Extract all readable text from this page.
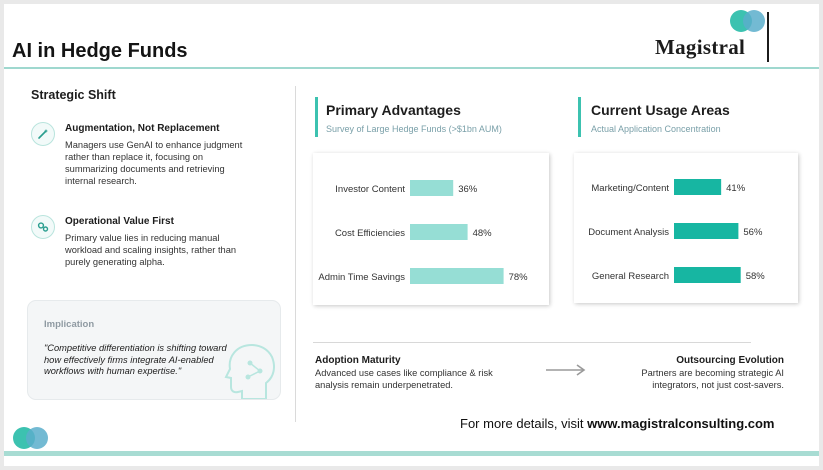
AI in Hedge Funds	Magistral
Strategic Shift
Augmentation, Not Replacement
Managers use GenAI to enhance judgment
rather than replace it, focusing on
summarizing documents and retrieving
internal research.
Operational Value First
Primary value lies in reducing manual
workload and scaling insights, rather than
purely generating alpha.
Implication
"Competitive differentiation is shifting toward
how effectively firms integrate AI-enabled
workflows with human expertise."
Primary Advantages
Survey of Large Hedge Funds (>$1bn AUM)
Investor Content	36%
Cost Efficiencies	48%
Admin Time Savings	78%
Current Usage Areas
Actual Application Concentration
Marketing/Content	41%
Document Analysis	56%
General Research	58%
Adoption Maturity
Advanced use cases like compliance & risk
analysis remain underpenetrated.
Outsourcing Evolution
Partners are becoming strategic AI
integrators, not just cost-savers.
For more details, visit www.magistralconsulting.com
